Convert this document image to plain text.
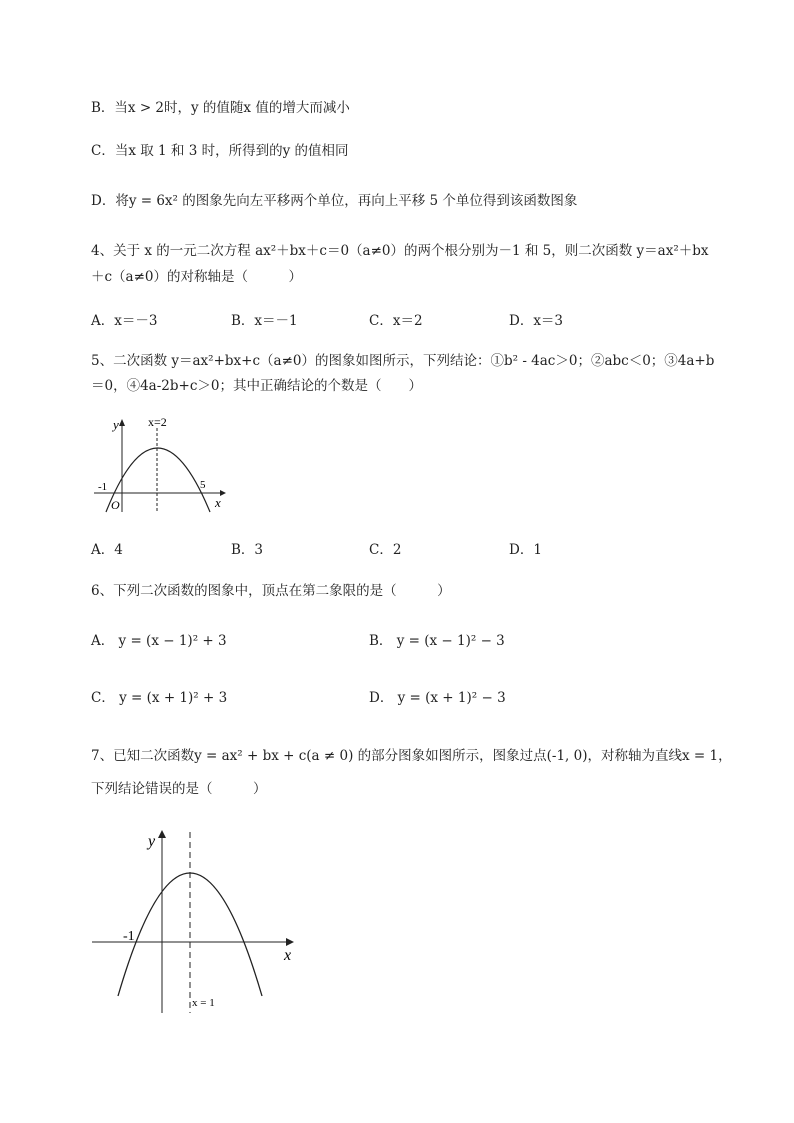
B．当x > 2时，y 的值随x 值的增大而减小
C．当x 取 1 和 3 时，所得到的y 的值相同
D．将y = 6x² 的图象先向左平移两个单位，再向上平移 5 个单位得到该函数图象
4、关于 x 的一元二次方程 ax²＋bx＋c＝0（a≠0）的两个根分别为－1 和 5，则二次函数 y＝ax²＋bx
＋c（a≠0）的对称轴是（　　　）
A．x＝－3	B．x＝－1	C．x＝2	D．x＝3
5、二次函数 y＝ax²+bx+c（a≠0）的图象如图所示，下列结论：①b² - 4ac＞0；②abc＜0；③4a+b
＝0，④4a-2b+c＞0；其中正确结论的个数是（　　）
y
x
O
x=2
-1	5
A．4	B．3	C．2	D．1
6、下列二次函数的图象中，顶点在第二象限的是（　　　）
A． y = (x − 1)² + 3	B． y = (x − 1)² − 3
C． y = (x + 1)² + 3	D． y = (x + 1)² − 3
7、已知二次函数y = ax² + bx + c(a ≠ 0) 的部分图象如图所示，图象过点(-1, 0)，对称轴为直线x = 1，
下列结论错误的是（　　　）
y
x
-1
x = 1
